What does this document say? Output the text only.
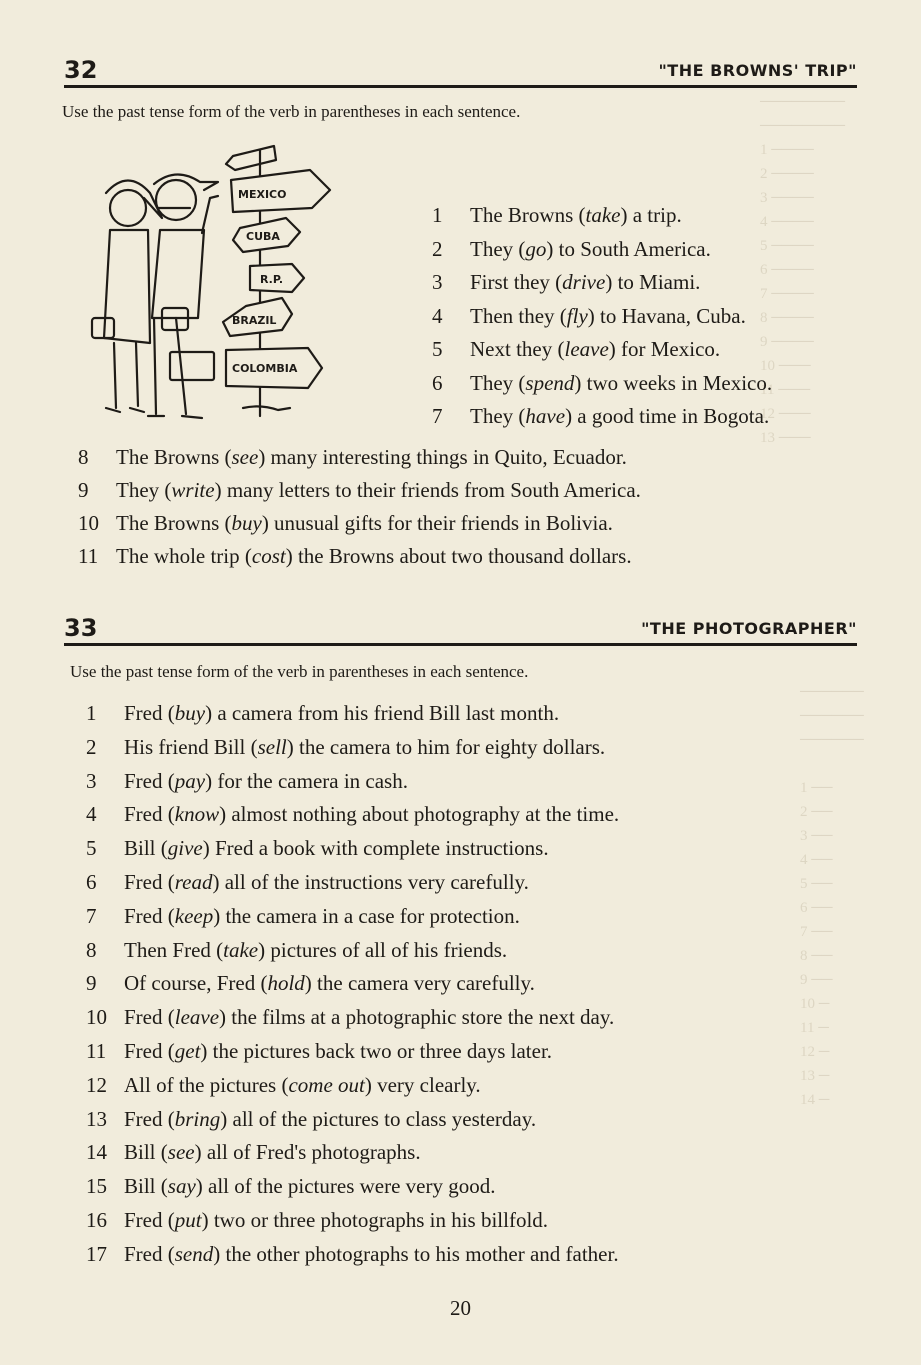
────────
────────
1 ────
2 ────
3 ────
4 ────
5 ────
6 ────
7 ────
8 ────
9 ────
10 ───
11 ───
12 ───
13 ───
──────
──────
──────

1 ──
2 ──
3 ──
4 ──
5 ──
6 ──
7 ──
8 ──
9 ──
10 ─
11 ─
12 ─
13 ─
14 ─
32	"THE BROWNS' TRIP"
Use the past tense form of the verb in parentheses in each sentence.
MEXICO
CUBA
R.P.
BRAZIL
COLOMBIA
1 The Browns (take) a trip.
2 They (go) to South America.
3 First they (drive) to Miami.
4 Then they (fly) to Havana, Cuba.
5 Next they (leave) for Mexico.
6 They (spend) two weeks in Mexico.
7 They (have) a good time in Bogota.
8 The Browns (see) many interesting things in Quito, Ecuador.
9 They (write) many letters to their friends from South America.
10 The Browns (buy) unusual gifts for their friends in Bolivia.
11 The whole trip (cost) the Browns about two thousand dollars.
33	"THE PHOTOGRAPHER"
Use the past tense form of the verb in parentheses in each sentence.
1 Fred (buy) a camera from his friend Bill last month.
2 His friend Bill (sell) the camera to him for eighty dollars.
3 Fred (pay) for the camera in cash.
4 Fred (know) almost nothing about photography at the time.
5 Bill (give) Fred a book with complete instructions.
6 Fred (read) all of the instructions very carefully.
7 Fred (keep) the camera in a case for protection.
8 Then Fred (take) pictures of all of his friends.
9 Of course, Fred (hold) the camera very carefully.
10 Fred (leave) the films at a photographic store the next day.
11 Fred (get) the pictures back two or three days later.
12 All of the pictures (come out) very clearly.
13 Fred (bring) all of the pictures to class yesterday.
14 Bill (see) all of Fred's photographs.
15 Bill (say) all of the pictures were very good.
16 Fred (put) two or three photographs in his billfold.
17 Fred (send) the other photographs to his mother and father.
20
